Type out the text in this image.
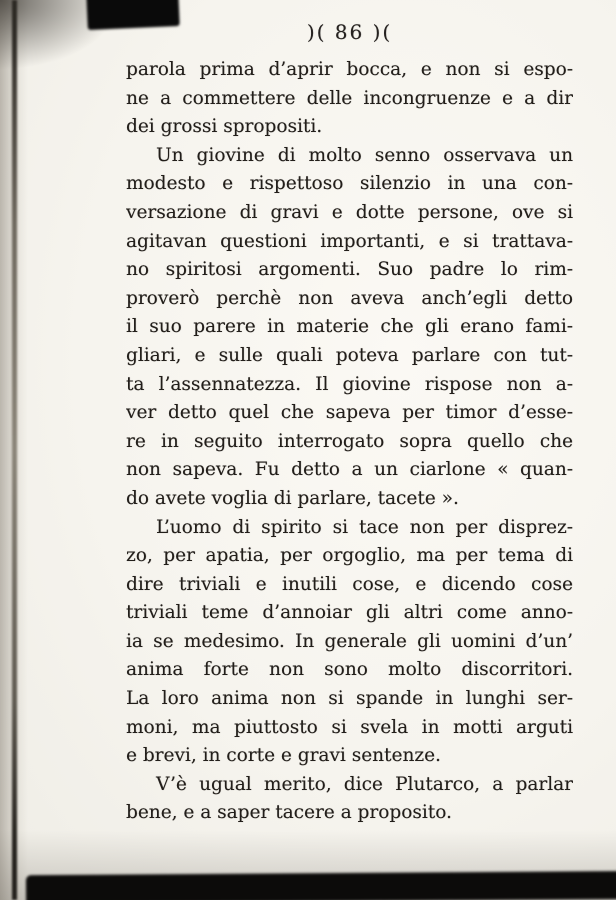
)( 86 )(
parola prima d’aprir bocca, e non si espo-
ne a commettere delle incongruenze e a dir
dei grossi spropositi.
Un giovine di molto senno osservava un
modesto e rispettoso silenzio in una con-
versazione di gravi e dotte persone, ove si
agitavan questioni importanti, e si trattava-
no spiritosi argomenti. Suo padre lo rim-
proverò perchè non aveva anch’egli detto
il suo parere in materie che gli erano fami-
gliari, e sulle quali poteva parlare con tut-
ta l’assennatezza. Il giovine rispose non a-
ver detto quel che sapeva per timor d’esse-
re in seguito interrogato sopra quello che
non sapeva. Fu detto a un ciarlone « quan-
do avete voglia di parlare, tacete ».
L’uomo di spirito si tace non per disprez-
zo, per apatia, per orgoglio, ma per tema di
dire triviali e inutili cose, e dicendo cose
triviali teme d’annoiar gli altri come anno-
ia se medesimo. In generale gli uomini d’un’
anima forte non sono molto discorritori.
La loro anima non si spande in lunghi ser-
moni, ma piuttosto si svela in motti arguti
e brevi, in corte e gravi sentenze.
V’è ugual merito, dice Plutarco, a parlar
bene, e a saper tacere a proposito.
